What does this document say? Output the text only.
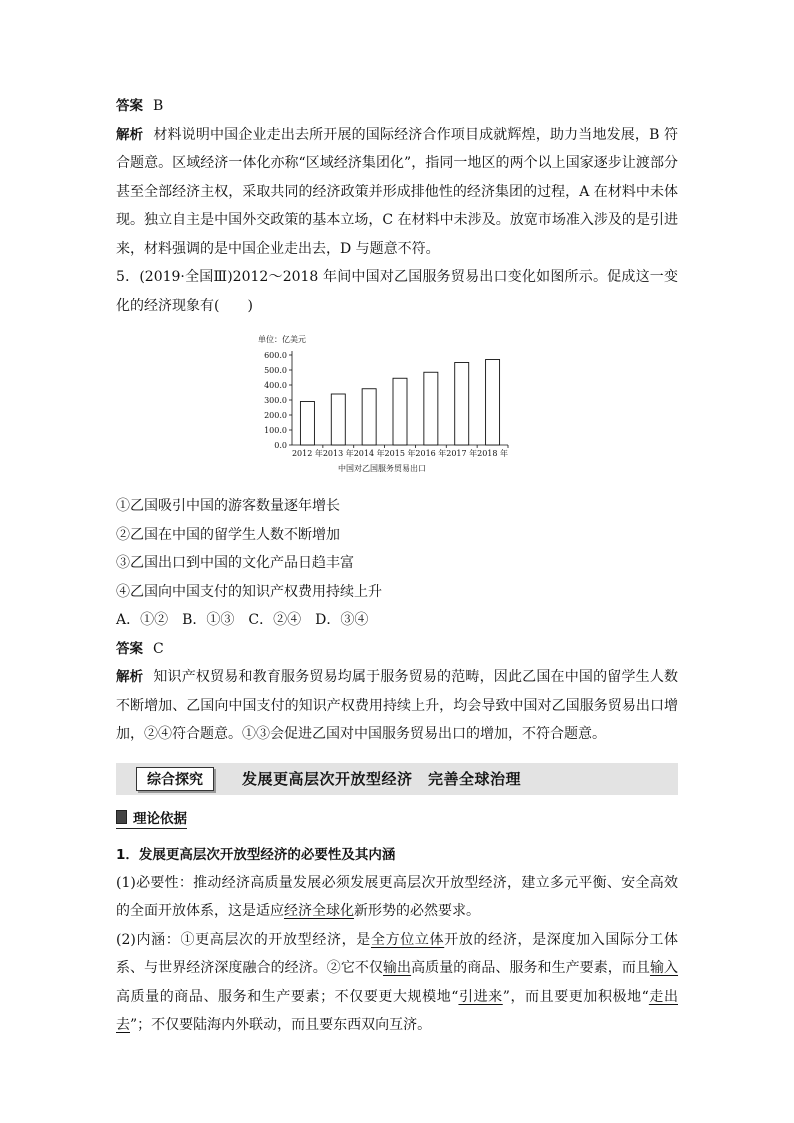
答案 B

解析 材料说明中国企业走出去所开展的国际经济合作项目成就辉煌，助力当地发展，B 符合题意。区域经济一体化亦称“区域经济集团化”，指同一地区的两个以上国家逐步让渡部分甚至全部经济主权，采取共同的经济政策并形成排他性的经济集团的过程，A 在材料中未体现。独立自主是中国外交政策的基本立场，C 在材料中未涉及。放宽市场准入涉及的是引进来，材料强调的是中国企业走出去，D 与题意不符。

5．(2019·全国Ⅲ)2012～2018 年间中国对乙国服务贸易出口变化如图所示。促成这一变化的经济现象有(　　)

单位：亿美元
0.0
100.0
200.0
300.0
400.0
500.0
600.0
2012 年 2013 年 2014 年 2015 年 2016 年 2017 年 2018 年
中国对乙国服务贸易出口

①乙国吸引中国的游客数量逐年增长

②乙国在中国的留学生人数不断增加

③乙国出口到中国的文化产品日趋丰富

④乙国向中国支付的知识产权费用持续上升

A．①②　B．①③　C．②④　D．③④

答案 C

解析 知识产权贸易和教育服务贸易均属于服务贸易的范畴，因此乙国在中国的留学生人数不断增加、乙国向中国支付的知识产权费用持续上升，均会导致中国对乙国服务贸易出口增加，②④符合题意。①③会促进乙国对中国服务贸易出口的增加，不符合题意。

综合探究	发展更高层次开放型经济　完善全球治理
理论依据
1．发展更高层次开放型经济的必要性及其内涵

(1)必要性：推动经济高质量发展必须发展更高层次开放型经济，建立多元平衡、安全高效的全面开放体系，这是适应经济全球化新形势的必然要求。

(2)内涵：①更高层次的开放型经济，是全方位立体开放的经济，是深度加入国际分工体系、与世界经济深度融合的经济。②它不仅输出高质量的商品、服务和生产要素，而且输入高质量的商品、服务和生产要素；不仅要更大规模地“引进来”，而且要更加积极地“走出去”；不仅要陆海内外联动，而且要东西双向互济。
